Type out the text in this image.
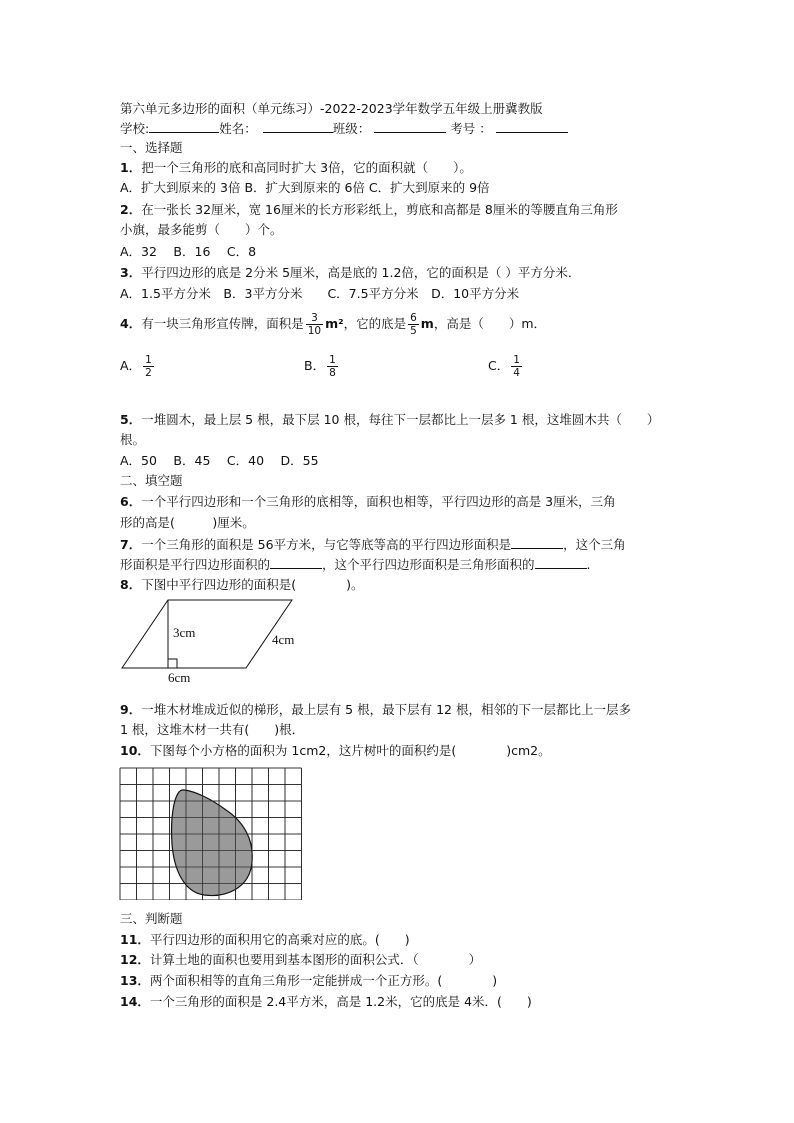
第六单元多边形的面积（单元练习）-2022-2023学年数学五年级上册冀教版
学校:	姓名：	班级：	考号 ：
一、选择题
1．把一个三角形的底和高同时扩大 3倍，它的面积就（　　）。
A．扩大到原来的 3倍 B．扩大到原来的 6倍 C．扩大到原来的 9倍
2．在一张长 32厘米，宽 16厘米的长方形彩纸上，剪底和高都是 8厘米的等腰直角三角形
小旗，最多能剪（　　）个。
A．32　 B．16　 C．8
3．平行四边形的底是 2分米 5厘米，高是底的 1.2倍，它的面积是（ ）平方分米．
A．1.5平方分米　B．3平方分米　　C．7.5平方分米　D．10平方分米
4．有一块三角形宣传牌，面积是 $\frac{3}{10} m^2$，它的底是 $\frac{6}{5}$ m，高是（　　）m．
A． $\frac{1}{2}$	B． $\frac{1}{8}$	C． $\frac{1}{4}$
5．一堆圆木，最上层 5 根，最下层 10 根，每往下一层都比上一层多 1 根，这堆圆木共（　　）
根。
A．50　 B．45　 C．40　 D．55
二、填空题
6．一个平行四边形和一个三角形的底相等，面积也相等，平行四边形的高是 3厘米，三角
形的高是(　　　)厘米。
7．一个三角形的面积是 56平方米，与它等底等高的平行四边形面积是	，这个三角
形面积是平行四边形面积的	，这个平行四边形面积是三角形面积的	.
8．下图中平行四边形的面积是(　　　　)。
3cm	4cm
6cm
9．一堆木材堆成近似的梯形，最上层有 5 根，最下层有 12 根，相邻的下一层都比上一层多
1 根，这堆木材一共有(　　)根．
10．下图每个小方格的面积为 1cm2，这片树叶的面积约是(　　　　)cm2。
三、判断题
11．平行四边形的面积用它的高乘对应的底。(　　)
12．计算土地的面积也要用到基本图形的面积公式．（　　　　）
13．两个面积相等的直角三角形一定能拼成一个正方形。(　　　　)
14．一个三角形的面积是 2.4平方米，高是 1.2米，它的底是 4米．(　　)
